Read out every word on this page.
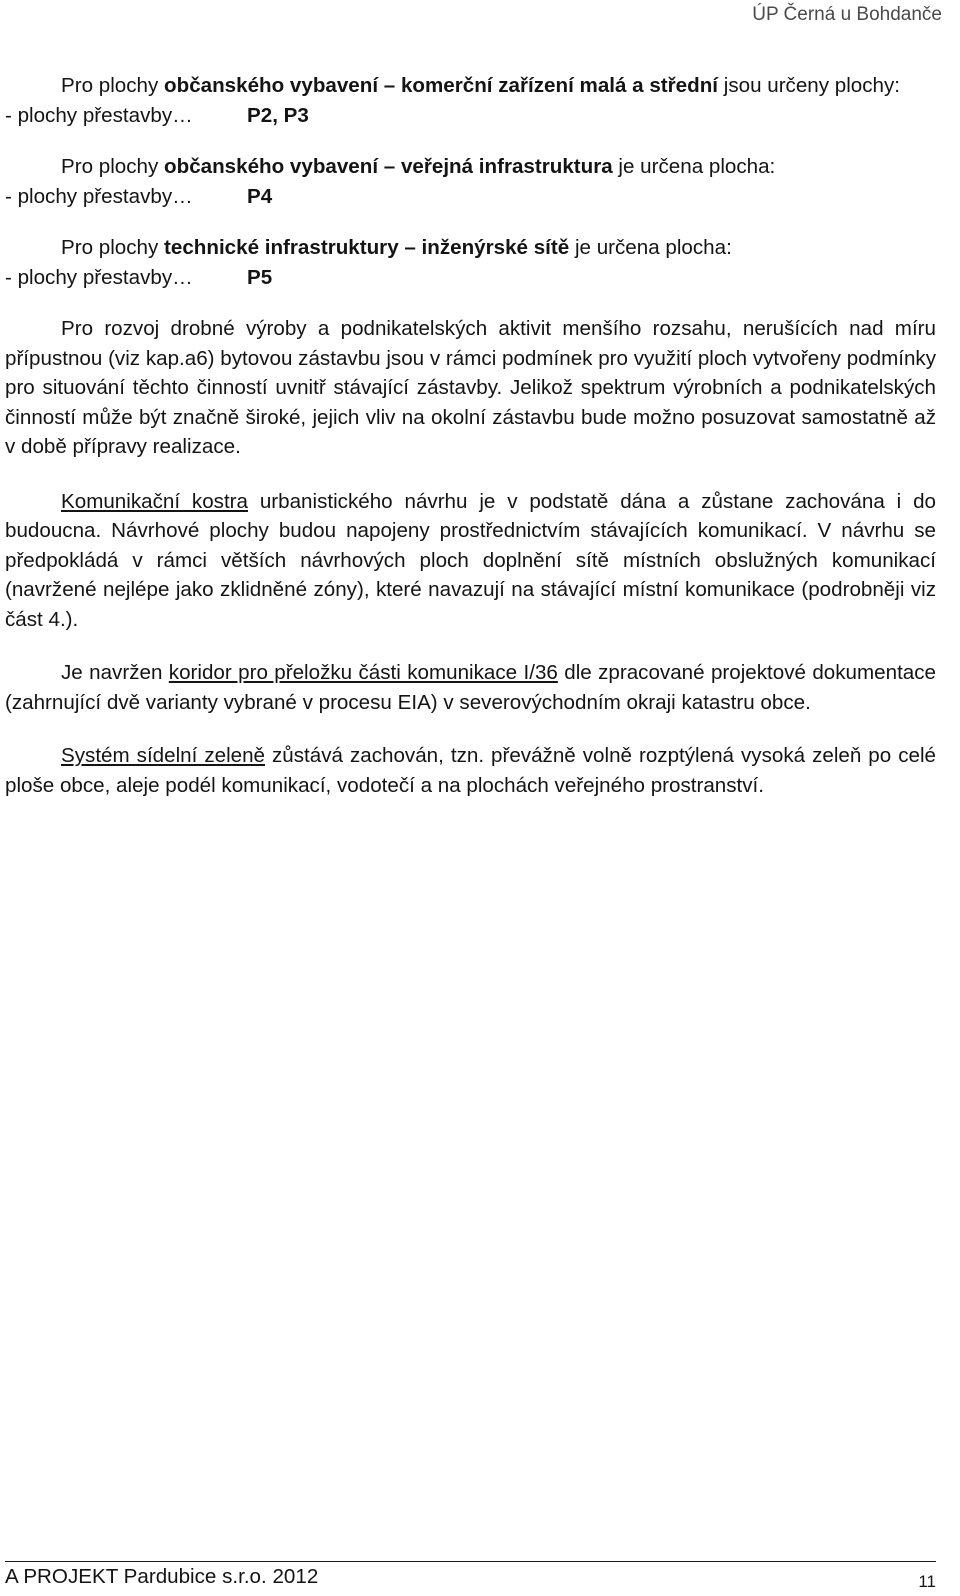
ÚP Černá u Bohdanče

Pro plochy občanského vybavení – komerční zařízení malá a střední jsou určeny plochy:

- plochy přestavby…	P2, P3

Pro plochy občanského vybavení – veřejná infrastruktura je určena plocha:

- plochy přestavby…	P4

Pro plochy technické infrastruktury – inženýrské sítě je určena plocha:

- plochy přestavby…	P5

Pro rozvoj drobné výroby a podnikatelských aktivit menšího rozsahu, nerušících nad míru přípustnou (viz kap.a6) bytovou zástavbu jsou v rámci podmínek pro využití ploch vytvořeny podmínky pro situování těchto činností uvnitř stávající zástavby. Jelikož spektrum výrobních a podnikatelských činností může být značně široké, jejich vliv na okolní zástavbu bude možno posuzovat samostatně až v době přípravy realizace.

Komunikační kostra urbanistického návrhu je v podstatě dána a zůstane zachována i do budoucna. Návrhové plochy budou napojeny prostřednictvím stávajících komunikací. V návrhu se předpokládá v rámci větších návrhových ploch doplnění sítě místních obslužných komunikací (navržené nejlépe jako zklidněné zóny), které navazují na stávající místní komunikace (podrobněji viz část 4.).

Je navržen koridor pro přeložku části komunikace I/36 dle zpracované projektové dokumentace (zahrnující dvě varianty vybrané v procesu EIA) v severovýchodním okraji katastru obce.

Systém sídelní zeleně zůstává zachován, tzn. převážně volně rozptýlená vysoká zeleň po celé ploše obce, aleje podél komunikací, vodotečí a na plochách veřejného prostranství.

A PROJEKT Pardubice s.r.o. 2012	11
